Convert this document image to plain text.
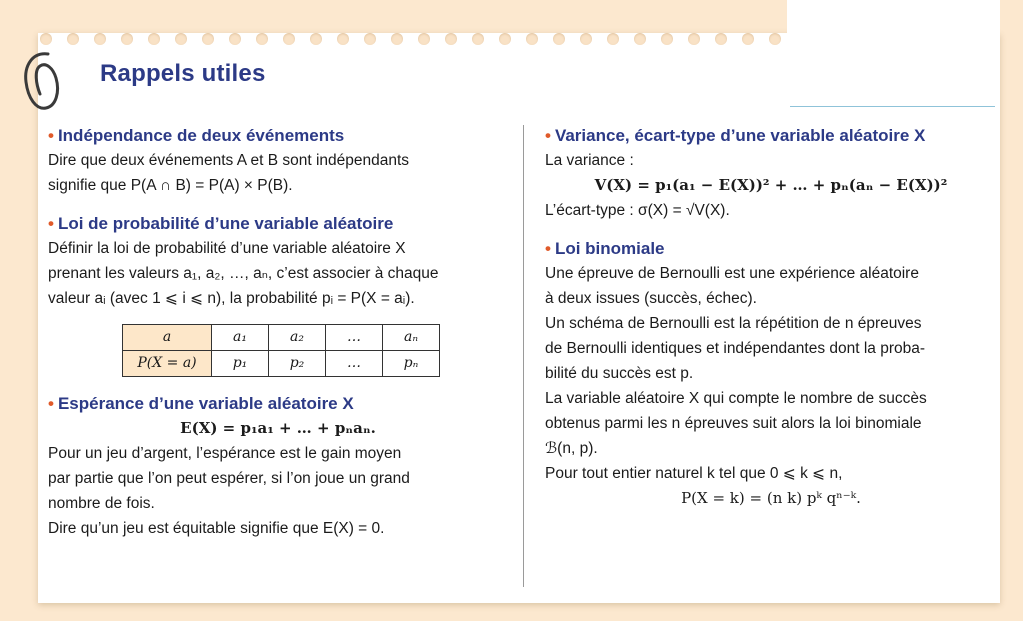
Rappels utiles
• Indépendance de deux événements

Dire que deux événements A et B sont indépendants

signifie que P(A ∩ B) = P(A) × P(B).

• Loi de probabilité d’une variable aléatoire

Définir la loi de probabilité d’une variable aléatoire X

prenant les valeurs a₁, a₂, …, aₙ, c’est associer à chaque

valeur aᵢ (avec 1 ⩽ i ⩽ n), la probabilité pᵢ = P(X = aᵢ).

a	a₁	a₂	…	aₙ
P(X = a)	p₁	p₂	…	pₙ
• Espérance d’une variable aléatoire X

E(X) = p₁a₁ + … + pₙaₙ.

Pour un jeu d’argent, l’espérance est le gain moyen

par partie que l’on peut espérer, si l’on joue un grand

nombre de fois.

Dire qu’un jeu est équitable signifie que E(X) = 0.

• Variance, écart-type d’une variable aléatoire X

La variance :

V(X) = p₁(a₁ − E(X))² + … + pₙ(aₙ − E(X))²

L’écart-type : σ(X) = √V(X).

• Loi binomiale

Une épreuve de Bernoulli est une expérience aléatoire

à deux issues (succès, échec).

Un schéma de Bernoulli est la répétition de n épreuves

de Bernoulli identiques et indépendantes dont la proba-

bilité du succès est p.

La variable aléatoire X qui compte le nombre de succès

obtenus parmi les n épreuves suit alors la loi binomiale

ℬ(n, p).

Pour tout entier naturel k tel que 0 ⩽ k ⩽ n,

P(X = k) = (n k) pᵏ qⁿ⁻ᵏ.
